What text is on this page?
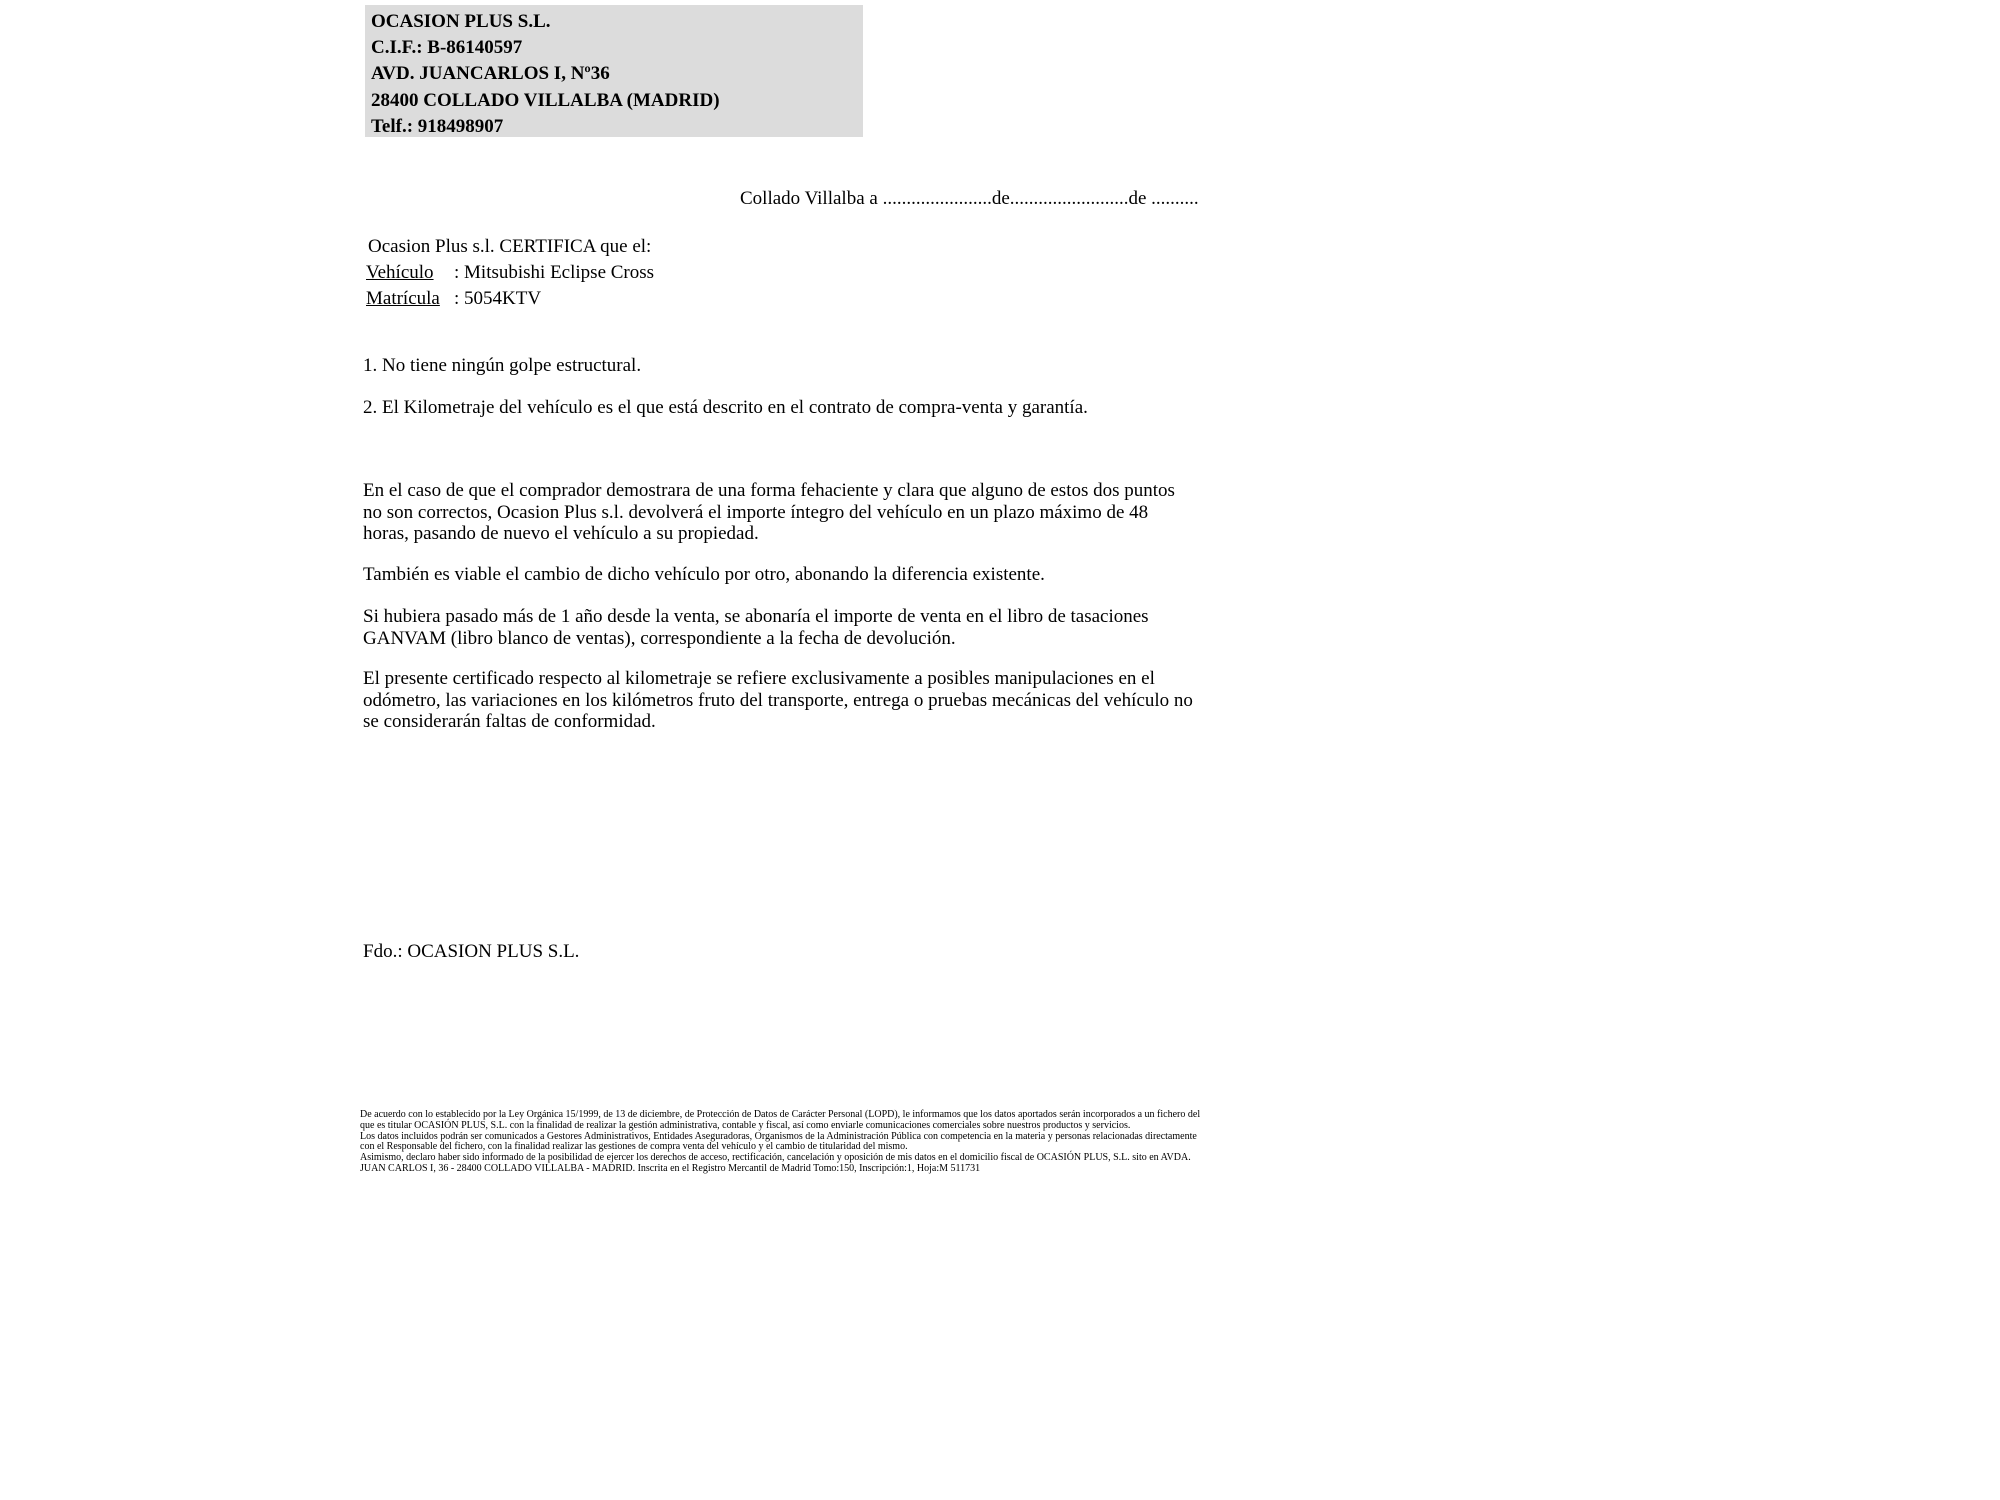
OCASION PLUS S.L.
C.I.F.: B-86140597
AVD. JUANCARLOS I, Nº36
28400 COLLADO VILLALBA (MADRID)
Telf.: 918498907
Collado Villalba a .......................de.........................de ..........
Ocasion Plus s.l. CERTIFICA que el:
Vehículo : Mitsubishi Eclipse Cross
Matrícula : 5054KTV
1. No tiene ningún golpe estructural.
2. El Kilometraje del vehículo es el que está descrito en el contrato de compra-venta y garantía.
En el caso de que el comprador demostrara de una forma fehaciente y clara que alguno de estos dos puntos no son correctos, Ocasion Plus s.l. devolverá el importe íntegro del vehículo en un plazo máximo de 48 horas, pasando de nuevo el vehículo a su propiedad.
También es viable el cambio de dicho vehículo por otro, abonando la diferencia existente.
Si hubiera pasado más de 1 año desde la venta, se abonaría el importe de venta en el libro de tasaciones GANVAM (libro blanco de ventas), correspondiente a la fecha de devolución.
El presente certificado respecto al kilometraje se refiere exclusivamente a posibles manipulaciones en el odómetro, las variaciones en los kilómetros fruto del transporte, entrega o pruebas mecánicas del vehículo no se considerarán faltas de conformidad.
Fdo.: OCASION PLUS S.L.

De acuerdo con lo establecido por la Ley Orgánica 15/1999, de 13 de diciembre, de Protección de Datos de Carácter Personal (LOPD), le informamos que los datos aportados serán incorporados a un fichero del que es titular OCASIÓN PLUS, S.L. con la finalidad de realizar la gestión administrativa, contable y fiscal, así como enviarle comunicaciones comerciales sobre nuestros productos y servicios.

Los datos incluidos podrán ser comunicados a Gestores Administrativos, Entidades Aseguradoras, Organismos de la Administración Pública con competencia en la materia y personas relacionadas directamente con el Responsable del fichero, con la finalidad realizar las gestiones de compra venta del vehículo y el cambio de titularidad del mismo.

Asimismo, declaro haber sido informado de la posibilidad de ejercer los derechos de acceso, rectificación, cancelación y oposición de mis datos en el domicilio fiscal de OCASIÓN PLUS, S.L. sito en AVDA. JUAN CARLOS I, 36 - 28400 COLLADO VILLALBA - MADRID. Inscrita en el Registro Mercantil de Madrid Tomo:150, Inscripción:1, Hoja:M 511731
